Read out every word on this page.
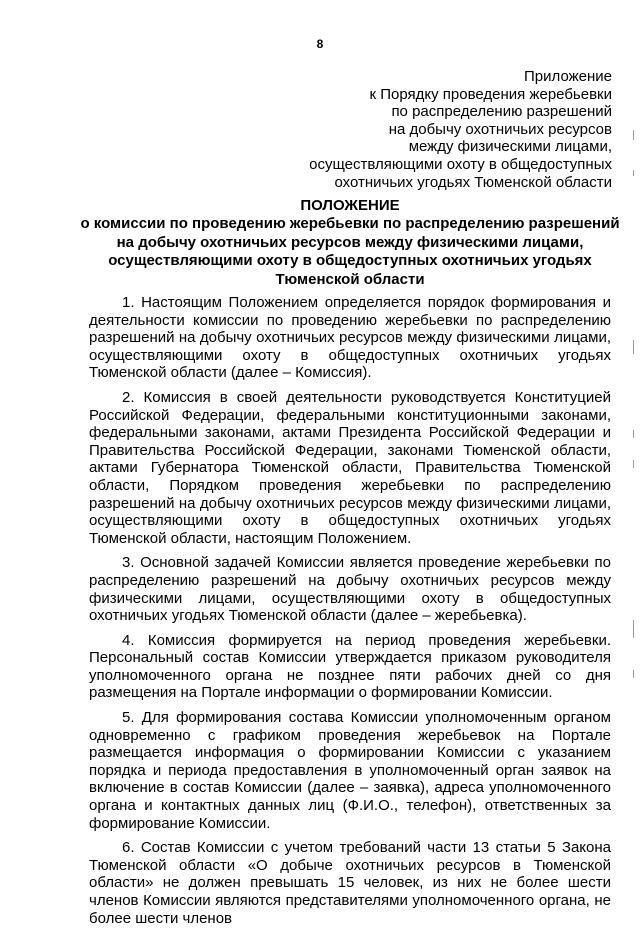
8
Приложение
к Порядку проведения жеребьевки
по распределению разрешений
на добычу охотничьих ресурсов
между физическими лицами,
осуществляющими охоту в общедоступных
охотничьих угодьях Тюменской области
ПОЛОЖЕНИЕ
о комиссии по проведению жеребьевки по распределению разрешений
на добычу охотничьих ресурсов между физическими лицами,
осуществляющими охоту в общедоступных охотничьих угодьях
Тюменской области

1. Настоящим Положением определяется порядок формирования и деятельности комиссии по проведению жеребьевки по распределению разрешений на добычу охотничьих ресурсов между физическими лицами, осуществляющими охоту в общедоступных охотничьих угодьях Тюменской области (далее – Комиссия).

2. Комиссия в своей деятельности руководствуется Конституцией Российской Федерации, федеральными конституционными законами, федеральными законами, актами Президента Российской Федерации и Правительства Российской Федерации, законами Тюменской области, актами Губернатора Тюменской области, Правительства Тюменской области, Порядком проведения жеребьевки по распределению разрешений на добычу охотничьих ресурсов между физическими лицами, осуществляющими охоту в общедоступных охотничьих угодьях Тюменской области, настоящим Положением.

3. Основной задачей Комиссии является проведение жеребьевки по распределению разрешений на добычу охотничьих ресурсов между физическими лицами, осуществляющими охоту в общедоступных охотничьих угодьях Тюменской области (далее – жеребьевка).

4. Комиссия формируется на период проведения жеребьевки. Персональный состав Комиссии утверждается приказом руководителя уполномоченного органа не позднее пяти рабочих дней со дня размещения на Портале информации о формировании Комиссии.

5. Для формирования состава Комиссии уполномоченным органом одновременно с графиком проведения жеребьевок на Портале размещается информация о формировании Комиссии с указанием порядка и периода предоставления в уполномоченный орган заявок на включение в состав Комиссии (далее – заявка), адреса уполномоченного органа и контактных данных лиц (Ф.И.О., телефон), ответственных за формирование Комиссии.

6. Состав Комиссии с учетом требований части 13 статьи 5 Закона Тюменской области «О добыче охотничьих ресурсов в Тюменской области» не должен превышать 15 человек, из них не более шести членов Комиссии являются представителями уполномоченного органа, не более шести членов
